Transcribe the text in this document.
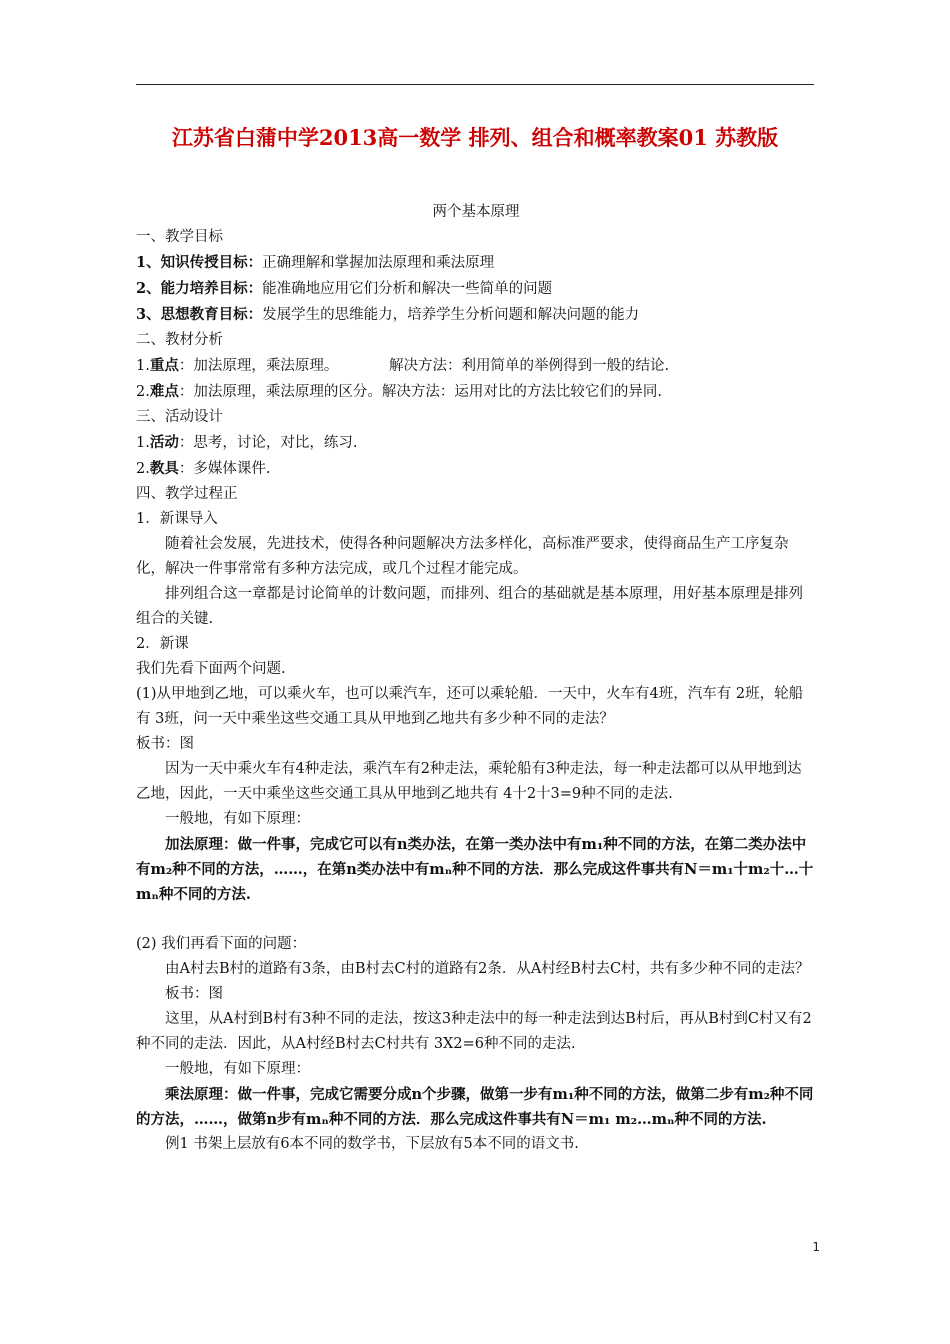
江苏省白蒲中学2013高一数学 排列、组合和概率教案01 苏教版

两个基本原理

一、教学目标

1、知识传授目标：正确理解和掌握加法原理和乘法原理

2、能力培养目标：能准确地应用它们分析和解决一些简单的问题

3、思想教育目标：发展学生的思维能力，培养学生分析问题和解决问题的能力

二、教材分析

1.重点：加法原理，乘法原理。           解决方法：利用简单的举例得到一般的结论.

2.难点：加法原理，乘法原理的区分。解决方法：运用对比的方法比较它们的异同.

三、活动设计

1.活动：思考，讨论，对比，练习.

2.教具：多媒体课件.

四、教学过程正

1．新课导入

随着社会发展，先进技术，使得各种问题解决方法多样化，高标准严要求，使得商品生产工序复杂化，解决一件事常常有多种方法完成，或几个过程才能完成。

排列组合这一章都是讨论简单的计数问题，而排列、组合的基础就是基本原理，用好基本原理是排列组合的关键.

2．新课

我们先看下面两个问题.

(1)从甲地到乙地，可以乘火车，也可以乘汽车，还可以乘轮船．一天中，火车有4班，汽车有 2班，轮船有 3班，问一天中乘坐这些交通工具从甲地到乙地共有多少种不同的走法？

板书：图

因为一天中乘火车有4种走法，乘汽车有2种走法，乘轮船有3种走法，每一种走法都可以从甲地到达乙地，因此，一天中乘坐这些交通工具从甲地到乙地共有 4十2十3=9种不同的走法.

一般地，有如下原理：

加法原理：做一件事，完成它可以有n类办法，在第一类办法中有m₁种不同的方法，在第二类办法中有m₂种不同的方法，……，在第n类办法中有mₙ种不同的方法．那么完成这件事共有N＝m₁十m₂十…十mₙ种不同的方法.

(2) 我们再看下面的问题：

由A村去B村的道路有3条，由B村去C村的道路有2条．从A村经B村去C村，共有多少种不同的走法？

板书：图

这里，从A村到B村有3种不同的走法，按这3种走法中的每一种走法到达B村后，再从B村到C村又有2种不同的走法．因此，从A村经B村去C村共有 3X2=6种不同的走法.

一般地，有如下原理：

乘法原理：做一件事，完成它需要分成n个步骤，做第一步有m₁种不同的方法，做第二步有m₂种不同的方法，……，做第n步有mₙ种不同的方法．那么完成这件事共有N＝m₁ m₂…mₙ种不同的方法.

例1 书架上层放有6本不同的数学书，下层放有5本不同的语文书.

1
